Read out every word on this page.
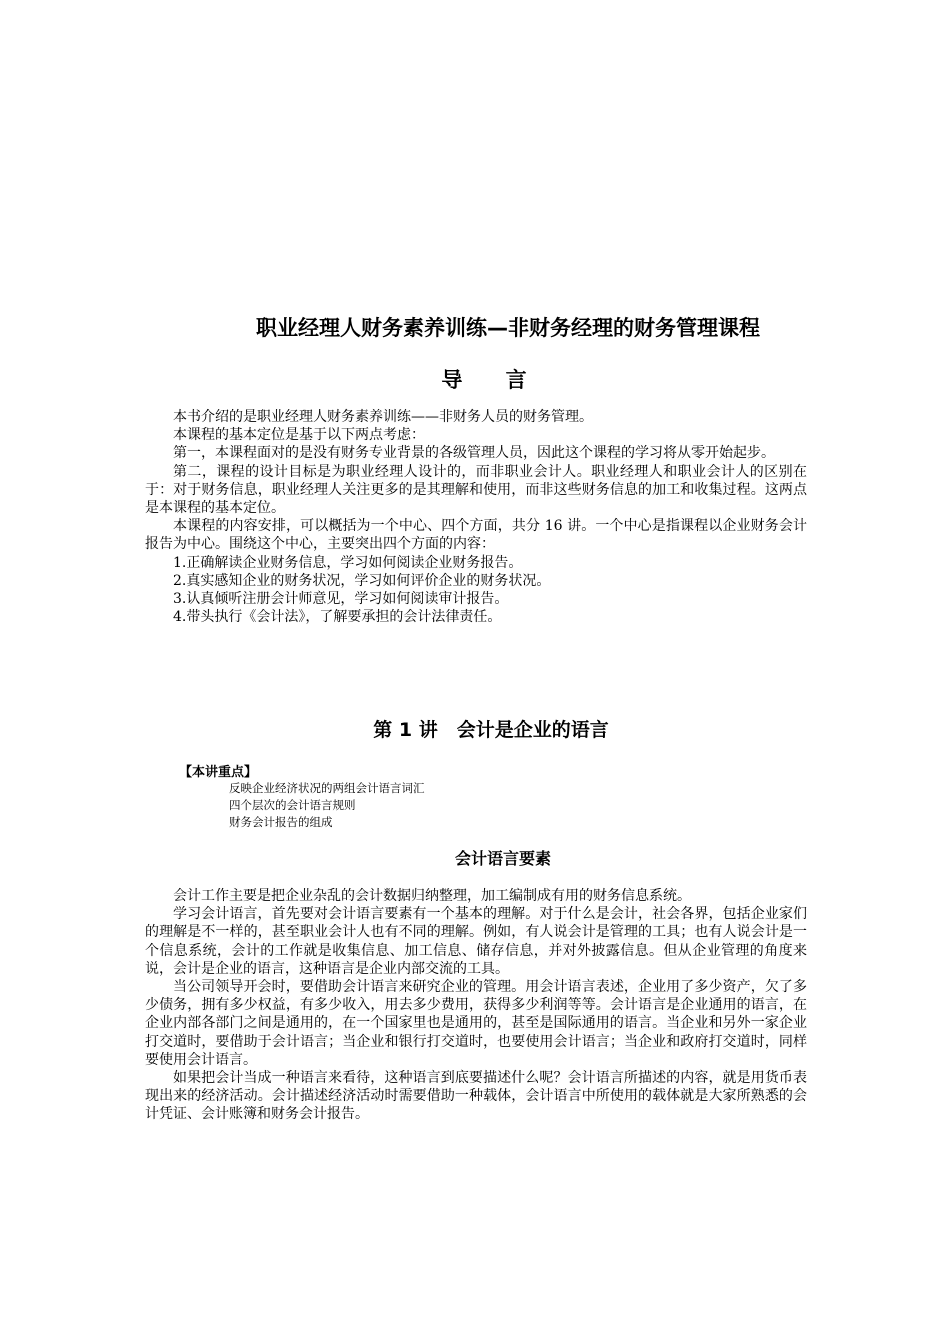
职业经理人财务素养训练—非财务经理的财务管理课程
导 言

本书介绍的是职业经理人财务素养训练——非财务人员的财务管理。

本课程的基本定位是基于以下两点考虑：

第一，本课程面对的是没有财务专业背景的各级管理人员，因此这个课程的学习将从零开始起步。

第二，课程的设计目标是为职业经理人设计的，而非职业会计人。职业经理人和职业会计人的区别在于：对于财务信息，职业经理人关注更多的是其理解和使用，而非这些财务信息的加工和收集过程。这两点是本课程的基本定位。

本课程的内容安排，可以概括为一个中心、四个方面，共分 16 讲。一个中心是指课程以企业财务会计报告为中心。围绕这个中心，主要突出四个方面的内容：

1.正确解读企业财务信息，学习如何阅读企业财务报告。

2.真实感知企业的财务状况，学习如何评价企业的财务状况。

3.认真倾听注册会计师意见，学习如何阅读审计报告。

4.带头执行《会计法》，了解要承担的会计法律责任。

第 1 讲　会计是企业的语言

【本讲重点】

反映企业经济状况的两组会计语言词汇
四个层次的会计语言规则
财务会计报告的组成
会计语言要素

会计工作主要是把企业杂乱的会计数据归纳整理，加工编制成有用的财务信息系统。

学习会计语言，首先要对会计语言要素有一个基本的理解。对于什么是会计，社会各界，包括企业家们的理解是不一样的，甚至职业会计人也有不同的理解。例如，有人说会计是管理的工具；也有人说会计是一个信息系统，会计的工作就是收集信息、加工信息、储存信息，并对外披露信息。但从企业管理的角度来说，会计是企业的语言，这种语言是企业内部交流的工具。

当公司领导开会时，要借助会计语言来研究企业的管理。用会计语言表述，企业用了多少资产，欠了多少债务，拥有多少权益，有多少收入，用去多少费用，获得多少利润等等。会计语言是企业通用的语言，在企业内部各部门之间是通用的，在一个国家里也是通用的，甚至是国际通用的语言。当企业和另外一家企业打交道时，要借助于会计语言；当企业和银行打交道时，也要使用会计语言；当企业和政府打交道时，同样要使用会计语言。

如果把会计当成一种语言来看待，这种语言到底要描述什么呢？会计语言所描述的内容，就是用货币表现出来的经济活动。会计描述经济活动时需要借助一种载体，会计语言中所使用的载体就是大家所熟悉的会计凭证、会计账簿和财务会计报告。
